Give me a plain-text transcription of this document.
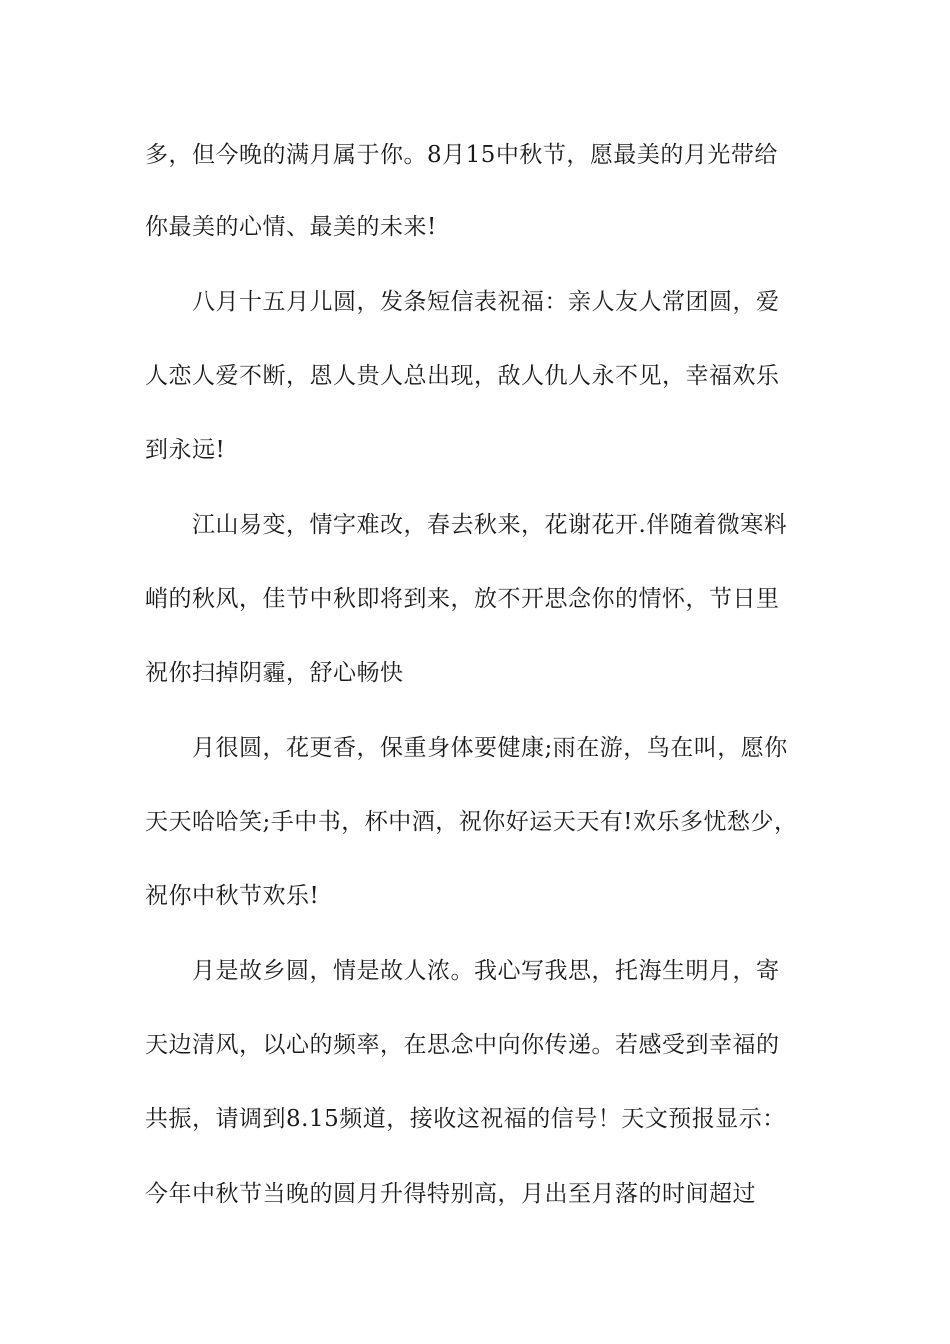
多，但今晚的满月属于你。8月15中秋节，愿最美的月光带给
你最美的心情、最美的未来!
八月十五月儿圆，发条短信表祝福：亲人友人常团圆，爱
人恋人爱不断，恩人贵人总出现，敌人仇人永不见，幸福欢乐
到永远!
江山易变，情字难改，春去秋来，花谢花开.伴随着微寒料
峭的秋风，佳节中秋即将到来，放不开思念你的情怀，节日里
祝你扫掉阴霾，舒心畅快
月很圆，花更香，保重身体要健康;雨在游，鸟在叫，愿你
天天哈哈笑;手中书，杯中酒，祝你好运天天有!欢乐多忧愁少，
祝你中秋节欢乐!
月是故乡圆，情是故人浓。我心写我思，托海生明月，寄
天边清风，以心的频率，在思念中向你传递。若感受到幸福的
共振，请调到8.15频道，接收这祝福的信号！天文预报显示：
今年中秋节当晚的圆月升得特别高，月出至月落的时间超过
